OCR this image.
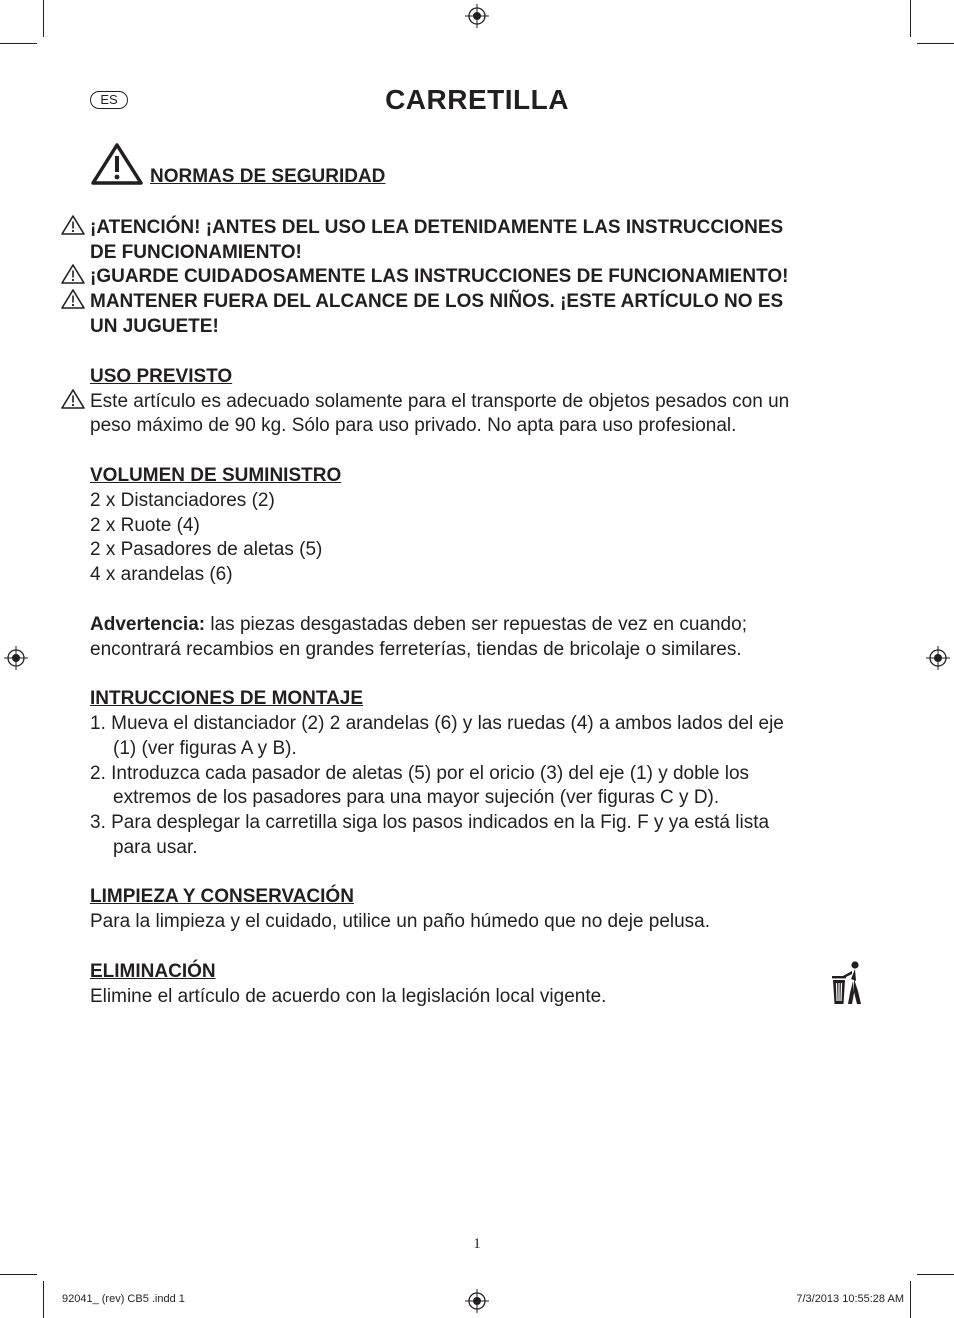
ES	CARRETILLA
NORMAS DE SEGURIDAD
¡ATENCIÓN! ¡ANTES DEL USO LEA DETENIDAMENTE LAS INSTRUCCIONES
DE FUNCIONAMIENTO!
¡GUARDE CUIDADOSAMENTE LAS INSTRUCCIONES DE FUNCIONAMIENTO!
MANTENER FUERA DEL ALCANCE DE LOS NIÑOS. ¡ESTE ARTÍCULO NO ES
UN JUGUETE!
USO PREVISTO
Este artículo es adecuado solamente para el transporte de objetos pesados con un
peso máximo de 90 kg. Sólo para uso privado. No apta para uso profesional.
VOLUMEN DE SUMINISTRO
2 x Distanciadores (2)
2 x Ruote (4)
2 x Pasadores de aletas (5)
4 x arandelas (6)
Advertencia: las piezas desgastadas deben ser repuestas de vez en cuando;
encontrará recambios en grandes ferreterías, tiendas de bricolaje o similares.
INTRUCCIONES DE MONTAJE
1. Mueva el distanciador (2) 2 arandelas (6) y las ruedas (4) a ambos lados del eje
(1) (ver figuras A y B).
2. Introduzca cada pasador de aletas (5) por el oricio (3) del eje (1) y doble los
extremos de los pasadores para una mayor sujeción (ver figuras C y D).
3. Para desplegar la carretilla siga los pasos indicados en la Fig. F y ya está lista
para usar.
LIMPIEZA Y CONSERVACIÓN
Para la limpieza y el cuidado, utilice un paño húmedo que no deje pelusa.
ELIMINACIÓN
Elimine el artículo de acuerdo con la legislación local vigente.
1
92041_ (rev) CB5 .indd 1	7/3/2013 10:55:28 AM
